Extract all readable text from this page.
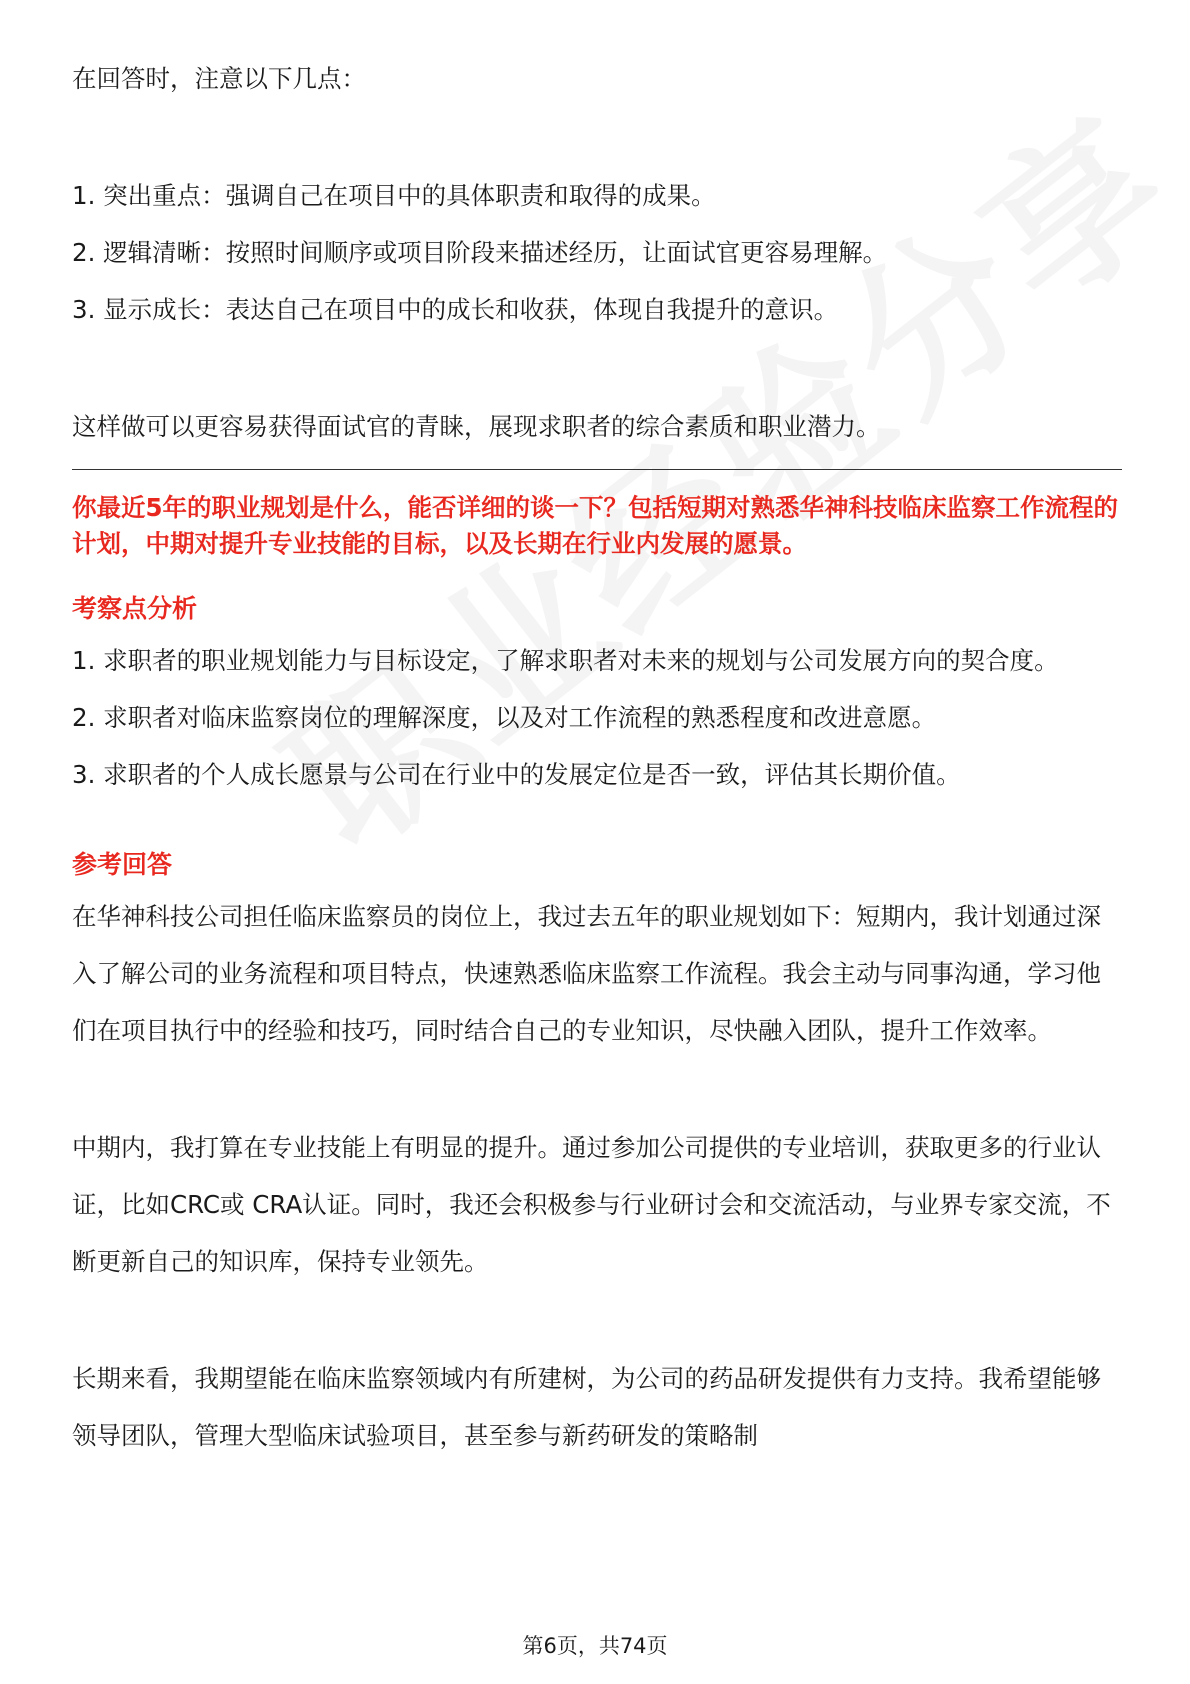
在回答时，注意以下几点：

1. 突出重点：强调自己在项目中的具体职责和取得的成果。

2. 逻辑清晰：按照时间顺序或项目阶段来描述经历，让面试官更容易理解。

3. 显示成长：表达自己在项目中的成长和收获，体现自我提升的意识。

这样做可以更容易获得面试官的青睐，展现求职者的综合素质和职业潜力。

你最近5年的职业规划是什么，能否详细的谈一下？包括短期对熟悉华神科技临床监察工作流程的计划，中期对提升专业技能的目标，以及长期在行业内发展的愿景。

考察点分析

1. 求职者的职业规划能力与目标设定，了解求职者对未来的规划与公司发展方向的契合度。

2. 求职者对临床监察岗位的理解深度，以及对工作流程的熟悉程度和改进意愿。

3. 求职者的个人成长愿景与公司在行业中的发展定位是否一致，评估其长期价值。

参考回答

在华神科技公司担任临床监察员的岗位上，我过去五年的职业规划如下：短期内，我计划通过深入了解公司的业务流程和项目特点，快速熟悉临床监察工作流程。我会主动与同事沟通，学习他们在项目执行中的经验和技巧，同时结合自己的专业知识，尽快融入团队，提升工作效率。

中期内，我打算在专业技能上有明显的提升。通过参加公司提供的专业培训，获取更多的行业认证，比如CRC或 CRA认证。同时，我还会积极参与行业研讨会和交流活动，与业界专家交流，不断更新自己的知识库，保持专业领先。

长期来看，我期望能在临床监察领域内有所建树，为公司的药品研发提供有力支持。我希望能够领导团队，管理大型临床试验项目，甚至参与新药研发的策略制

第6页，共74页
